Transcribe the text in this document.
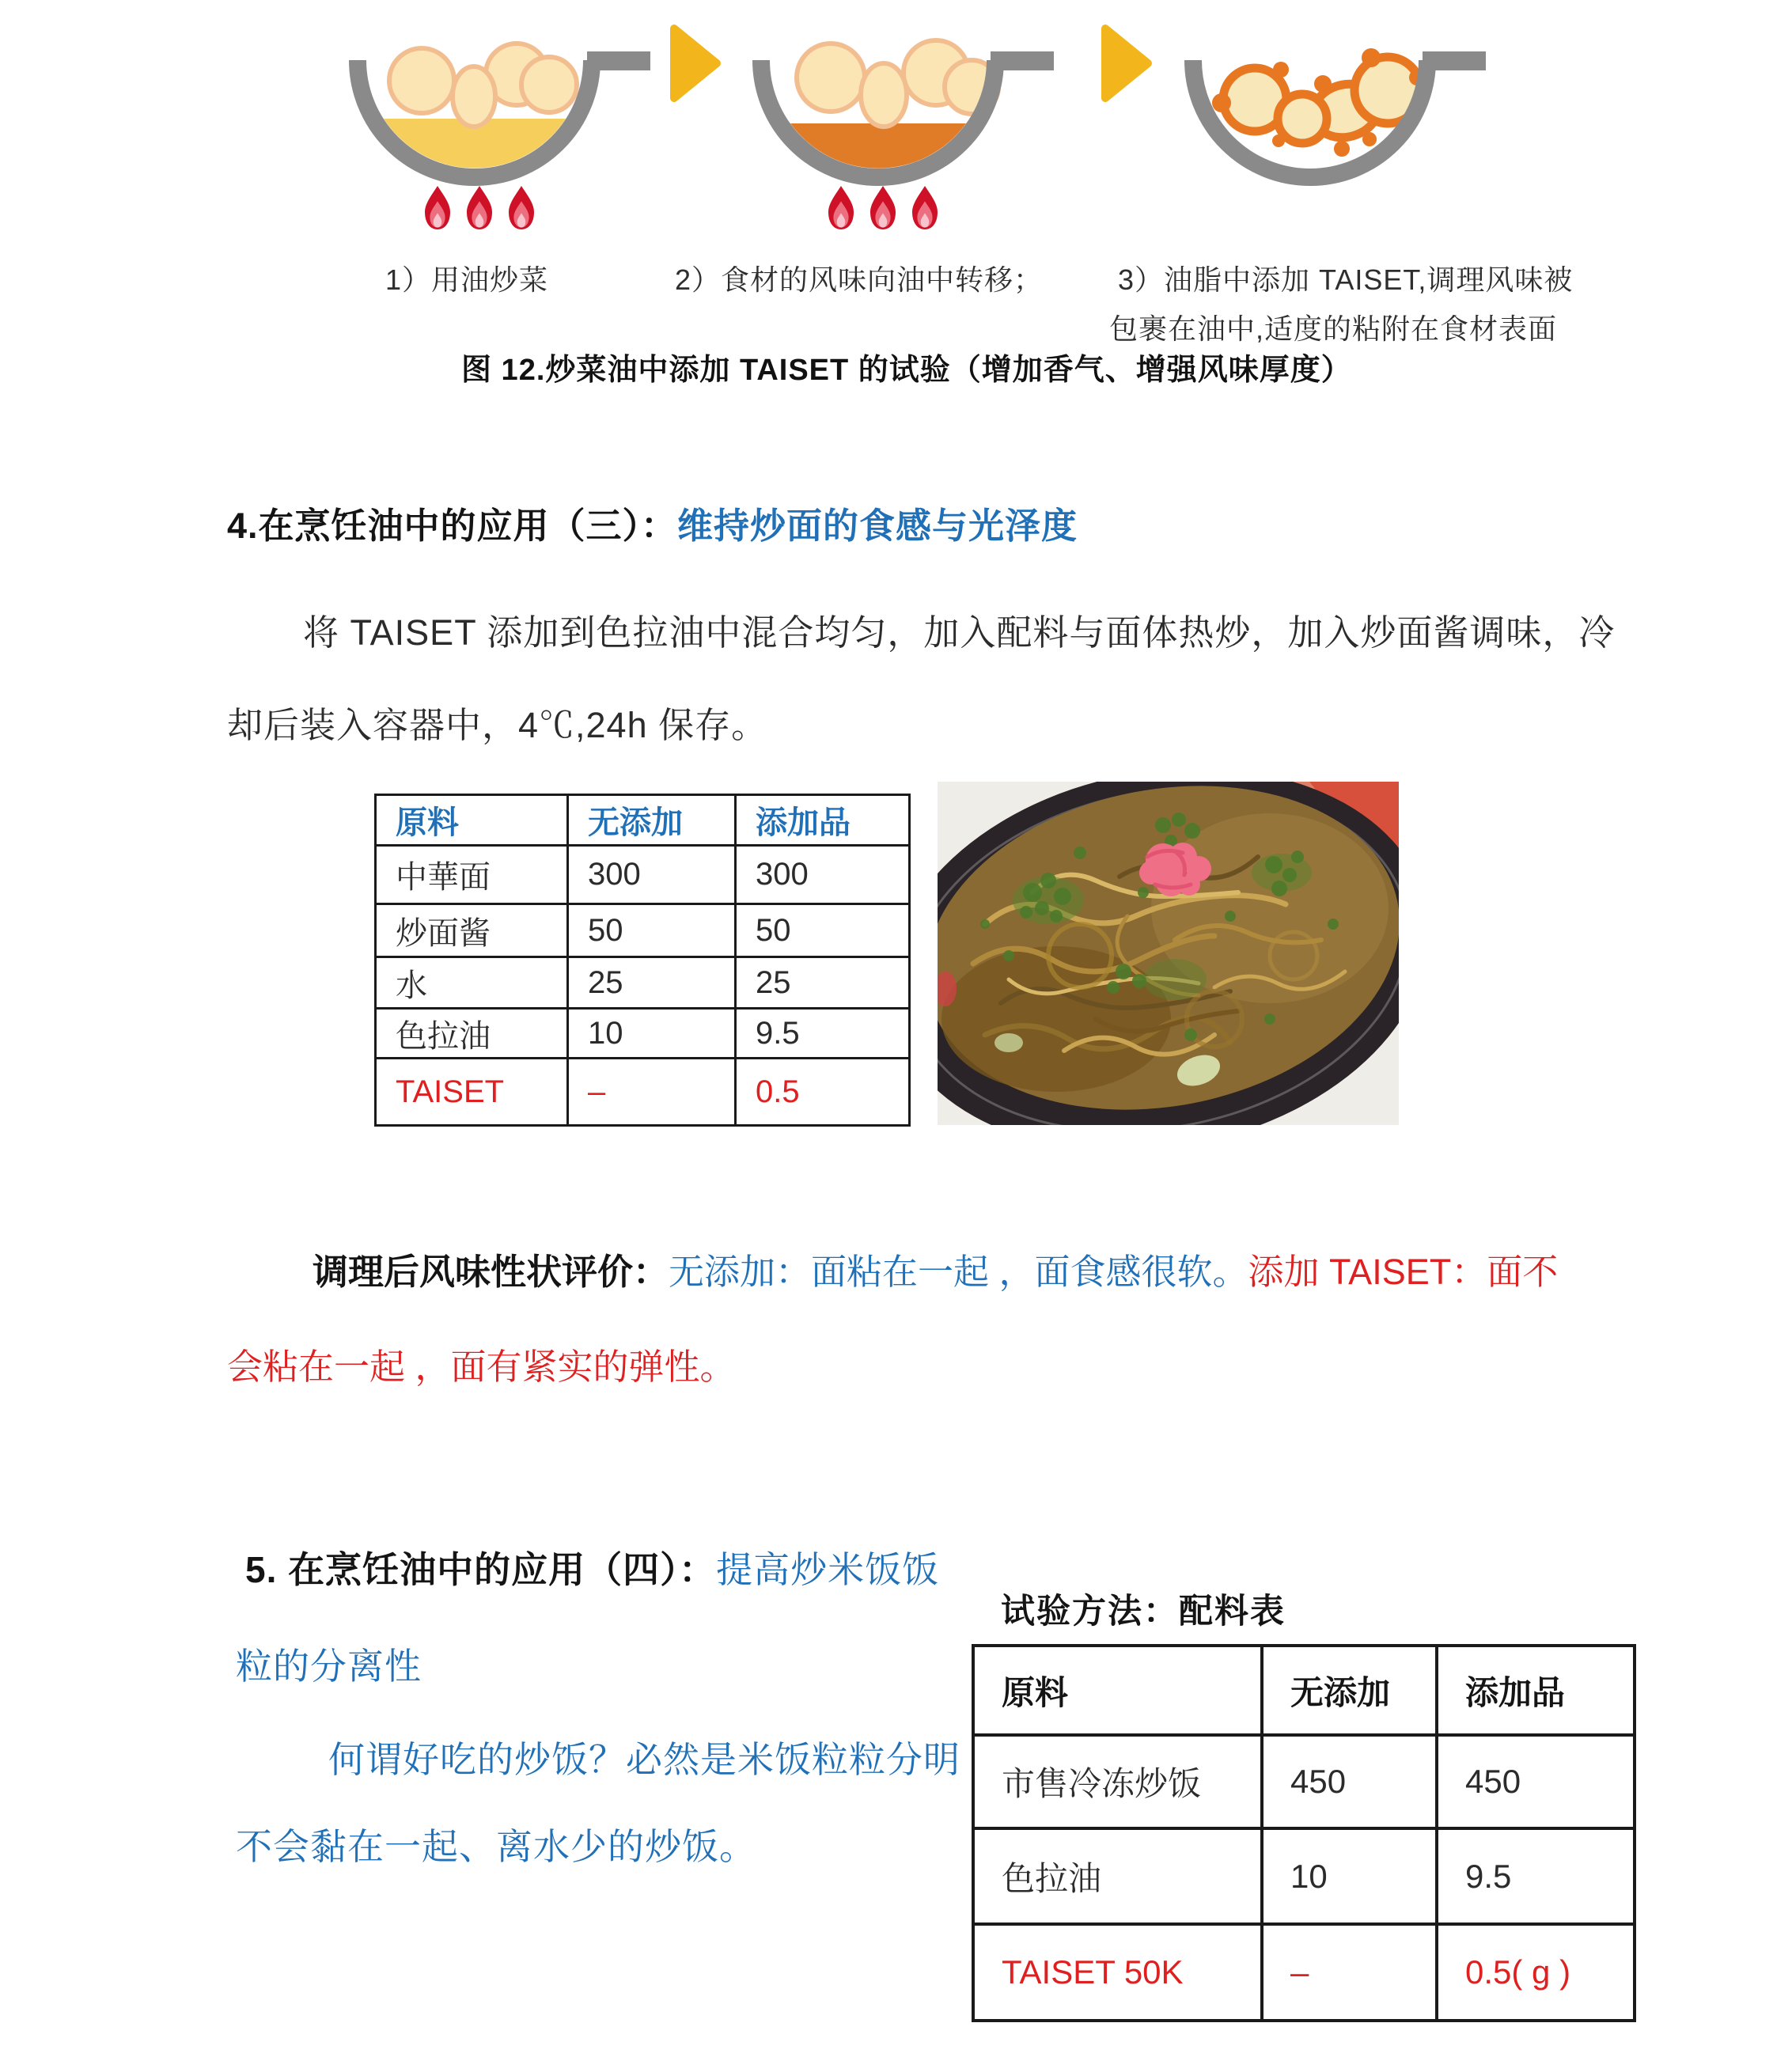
1）用油炒菜	2）食材的风味向油中转移；	3）油脂中添加 TAISET,调理风味被
包裹在油中,适度的粘附在食材表面
图 12.炒菜油中添加 TAISET 的试验（增加香气、增强风味厚度）
4.在烹饪油中的应用（三）：维持炒面的食感与光泽度
将 TAISET 添加到色拉油中混合均匀，加入配料与面体热炒，加入炒面酱调味，冷
却后装入容器中，4℃,24h 保存。
原料	无添加	添加品
中華面	300	300
炒面酱	50	50
水	25	25
色拉油	10	9.5
TAISET	–	0.5
调理后风味性状评价：无添加：面粘在一起 ，面食感很软。添加 TAISET：面不
会粘在一起 ，面有紧实的弹性。
5. 在烹饪油中的应用（四）：提高炒米饭饭
粒的分离性
何谓好吃的炒饭？必然是米饭粒粒分明
不会黏在一起、离水少的炒饭。
试验方法：配料表
原料	无添加	添加品
市售冷冻炒饭	450	450
色拉油	10	9.5
TAISET 50K	–	0.5( g )
